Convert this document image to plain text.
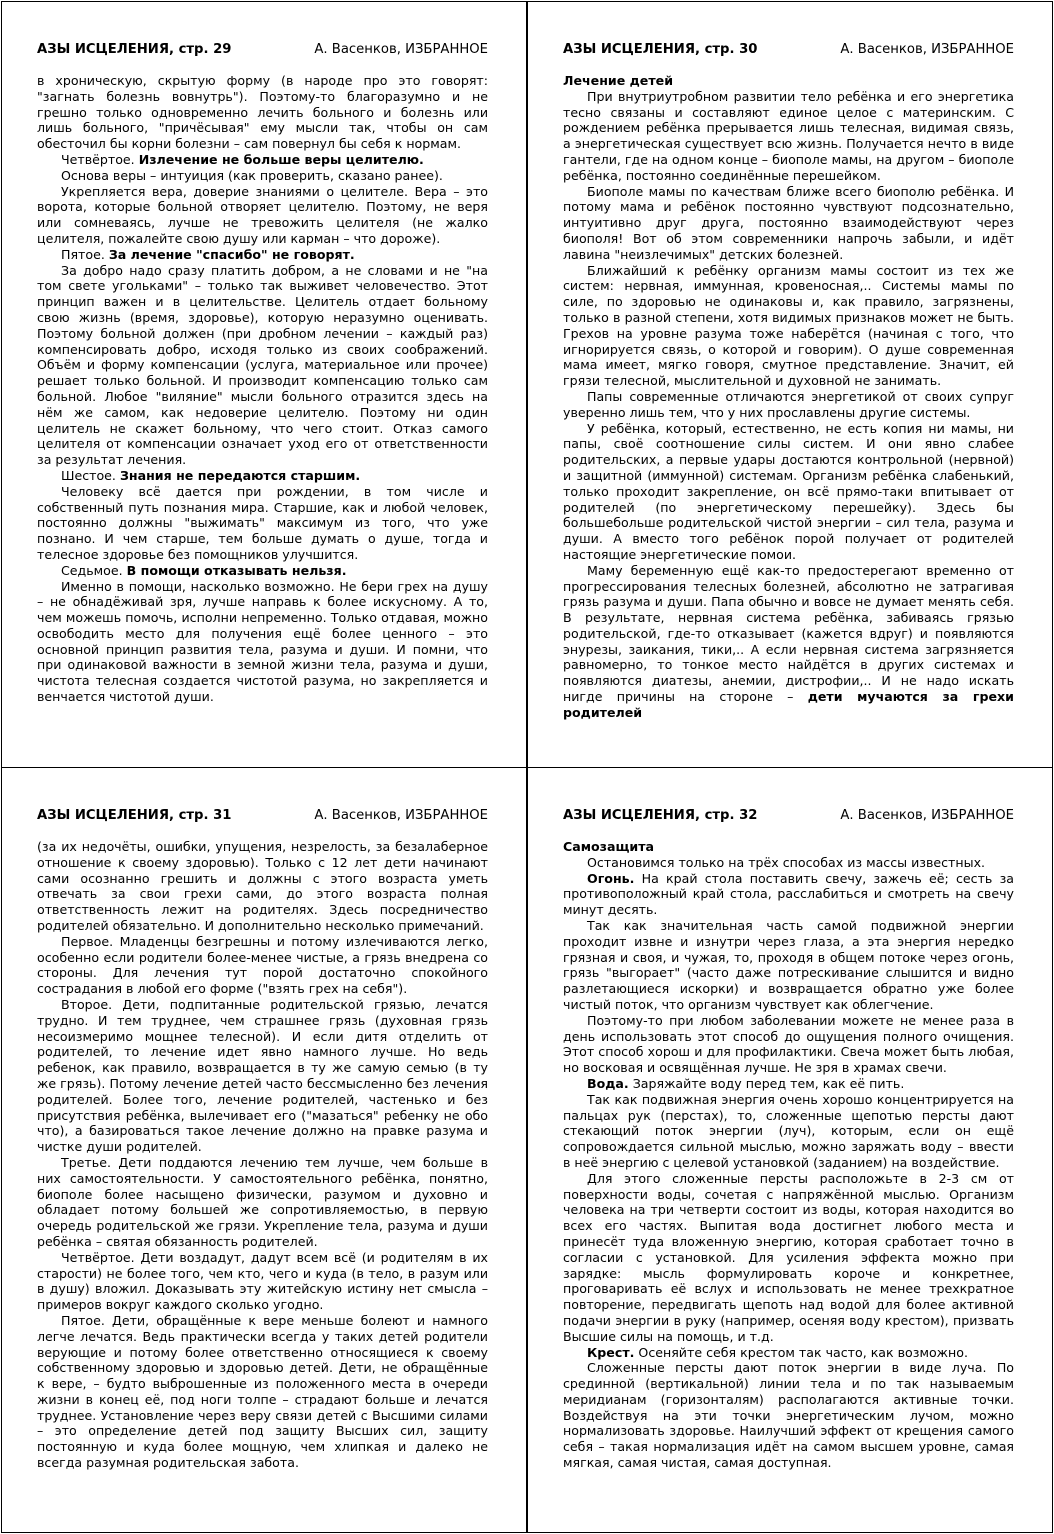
АЗЫ ИСЦЕЛЕНИЯ, стр. 29	А. Васенков, ИЗБРАННОЕ

в хроническую, скрытую форму (в народе про это говорят: "загнать болезнь вовнутрь"). Поэтому-то благоразумно и не грешно только одновременно лечить больного и болезнь или лишь больного, "причёсывая" ему мысли так, чтобы он сам обесточил бы корни болезни – сам повернул бы себя к нормам.

Четвёртое. Излечение не больше веры целителю.

Основа веры – интуиция (как проверить, сказано ранее).

Укрепляется вера, доверие знаниями о целителе. Вера – это ворота, которые больной отворяет целителю. Поэтому, не веря или сомневаясь, лучше не тревожить целителя (не жалко целителя, пожалейте свою душу или карман – что дороже).

Пятое. За лечение "спасибо" не говорят.

За добро надо сразу платить добром, а не словами и не "на том свете угольками" – только так выживет человечество. Этот принцип важен и в целительстве. Целитель отдает больному свою жизнь (время, здоровье), которую неразумно оценивать. Поэтому больной должен (при дробном лечении – каждый раз) компенсировать добро, исходя только из своих соображений. Объём и форму компенсации (услуга, материальное или прочее) решает только больной. И производит компенсацию только сам больной. Любое "виляние" мысли больного отразится здесь на нём же самом, как недоверие целителю. Поэтому ни один целитель не скажет больному, что чего стоит. Отказ самого целителя от компенсации означает уход его от ответственности за результат лечения.

Шестое. Знания не передаются старшим.

Человеку всё дается при рождении, в том числе и собственный путь познания мира. Старшие, как и любой человек, постоянно должны "выжимать" максимум из того, что уже познано. И чем старше, тем больше думать о душе, тогда и телесное здоровье без помощников улучшится.

Седьмое. В помощи отказывать нельзя.

Именно в помощи, насколько возможно. Не бери грех на душу – не обнадёживай зря, лучше направь к более искусному. А то, чем можешь помочь, исполни непременно. Только отдавая, можно освободить место для получения ещё более ценного – это основной принцип развития тела, разума и души. И помни, что при одинаковой важности в земной жизни тела, разума и души, чистота телесная создается чистотой разума, но закрепляется и венчается чистотой души.

АЗЫ ИСЦЕЛЕНИЯ, стр. 30	А. Васенков, ИЗБРАННОЕ

Лечение детей

При внутриутробном развитии тело ребёнка и его энергетика тесно связаны и составляют единое целое с материнским. С рождением ребёнка прерывается лишь телесная, видимая связь, а энергетическая существует всю жизнь. Получается нечто в виде гантели, где на одном конце – биополе мамы, на другом – биополе ребёнка, постоянно соединённые перешейком.

Биополе мамы по качествам ближе всего биополю ребёнка. И потому мама и ребёнок постоянно чувствуют подсознательно, интуитивно друг друга, постоянно взаимодействуют через биополя! Вот об этом современники напрочь забыли, и идёт лавина "неизлечимых" детских болезней.

Ближайший к ребёнку организм мамы состоит из тех же систем: нервная, иммунная, кровеносная,.. Системы мамы по силе, по здоровью не одинаковы и, как правило, загрязнены, только в разной степени, хотя видимых признаков может не быть. Грехов на уровне разума тоже наберётся (начиная с того, что игнорируется связь, о которой и говорим). О душе современная мама имеет, мягко говоря, смутное представление. Значит, ей грязи телесной, мыслительной и духовной не занимать.

Папы современные отличаются энергетикой от своих супруг уверенно лишь тем, что у них прославлены другие системы.

У ребёнка, который, естественно, не есть копия ни мамы, ни папы, своё соотношение силы систем. И они явно слабее родительских, а первые удары достаются контрольной (нервной) и защитной (иммунной) системам. Организм ребёнка слабенький, только проходит закрепление, он всё прямо-таки впитывает от родителей (по энергетическому перешейку). Здесь бы большебольше родительской чистой энергии – сил тела, разума и души. А вместо того ребёнок порой получает от родителей настоящие энергетические помои.

Маму беременную ещё как-то предостерегают временно от прогрессирования телесных болезней, абсолютно не затрагивая грязь разума и души. Папа обычно и вовсе не думает менять себя. В результате, нервная система ребёнка, забиваясь грязью родительской, где-то отказывает (кажется вдруг) и появляются энурезы, заикания, тики,.. А если нервная система загрязняется равномерно, то тонкое место найдётся в других системах и появляются диатезы, анемии, дистрофии,.. И не надо искать нигде причины на стороне – дети мучаются за грехи родителей

АЗЫ ИСЦЕЛЕНИЯ, стр. 31	А. Васенков, ИЗБРАННОЕ

(за их недочёты, ошибки, упущения, незрелость, за безалаберное отношение к своему здоровью). Только с 12 лет дети начинают сами осознанно грешить и должны с этого возраста уметь отвечать за свои грехи сами, до этого возраста полная ответственность лежит на родителях. Здесь посредничество родителей обязательно. И дополнительно несколько примечаний.

Первое. Младенцы безгрешны и потому излечиваются легко, особенно если родители более-менее чистые, а грязь внедрена со стороны. Для лечения тут порой достаточно спокойного сострадания в любой его форме ("взять грех на себя").

Второе. Дети, подпитанные родительской грязью, лечатся трудно. И тем труднее, чем страшнее грязь (духовная грязь несоизмеримо мощнее телесной). И если дитя отделить от родителей, то лечение идет явно намного лучше. Но ведь ребенок, как правило, возвращается в ту же самую семью (в ту же грязь). Потому лечение детей часто бессмысленно без лечения родителей. Более того, лечение родителей, частенько и без присутствия ребёнка, вылечивает его ("мазаться" ребенку не обо что), а базироваться такое лечение должно на правке разума и чистке души родителей.

Третье. Дети поддаются лечению тем лучше, чем больше в них самостоятельности. У самостоятельного ребёнка, понятно, биополе более насыщено физически, разумом и духовно и обладает потому большей же сопротивляемостью, в первую очередь родительской же грязи. Укрепление тела, разума и души ребёнка – святая обязанность родителей.

Четвёртое. Дети воздадут, дадут всем всё (и родителям в их старости) не более того, чем кто, чего и куда (в тело, в разум или в душу) вложил. Доказывать эту житейскую истину нет смысла – примеров вокруг каждого сколько угодно.

Пятое. Дети, обращённые к вере меньше болеют и намного легче лечатся. Ведь практически всегда у таких детей родители верующие и потому более ответственно относящиеся к своему собственному здоровью и здоровью детей. Дети, не обращённые к вере, – будто выброшенные из положенного места в очереди жизни в конец её, под ноги толпе – страдают больше и лечатся труднее. Установление через веру связи детей с Высшими силами – это определение детей под защиту Высших сил, защиту постоянную и куда более мощную, чем хлипкая и далеко не всегда разумная родительская забота.

АЗЫ ИСЦЕЛЕНИЯ, стр. 32	А. Васенков, ИЗБРАННОЕ

Самозащита

Остановимся только на трёх способах из массы известных.

Огонь. На край стола поставить свечу, зажечь её; сесть за противоположный край стола, расслабиться и смотреть на свечу минут десять.

Так как значительная часть самой подвижной энергии проходит извне и изнутри через глаза, а эта энергия нередко грязная и своя, и чужая, то, проходя в общем потоке через огонь, грязь "выгорает" (часто даже потрескивание слышится и видно разлетающиеся искорки) и возвращается обратно уже более чистый поток, что организм чувствует как облегчение.

Поэтому-то при любом заболевании можете не менее раза в день использовать этот способ до ощущения полного очищения. Этот способ хорош и для профилактики. Свеча может быть любая, но восковая и освящённая лучше. Не зря в храмах свечи.

Вода. Заряжайте воду перед тем, как её пить.

Так как подвижная энергия очень хорошо концентрируется на пальцах рук (перстах), то, сложенные щепотью персты дают стекающий поток энергии (луч), которым, если он ещё сопровождается сильной мыслью, можно заряжать воду – ввести в неё энергию с целевой установкой (заданием) на воздействие.

Для этого сложенные персты расположьте в 2-3 см от поверхности воды, сочетая с напряжённой мыслью. Организм человека на три четверти состоит из воды, которая находится во всех его частях. Выпитая вода достигнет любого места и принесёт туда вложенную энергию, которая сработает точно в согласии с установкой. Для усиления эффекта можно при зарядке: мысль формулировать короче и конкретнее, проговаривать её вслух и использовать не менее трехкратное повторение, передвигать щепоть над водой для более активной подачи энергии в руку (например, осеняя воду крестом), призвать Высшие силы на помощь, и т.д.

Крест. Осеняйте себя крестом так часто, как возможно.

Сложенные персты дают поток энергии в виде луча. По срединной (вертикальной) линии тела и по так называемым меридианам (горизонталям) располагаются активные точки. Воздействуя на эти точки энергетическим лучом, можно нормализовать здоровье. Наилучший эффект от крещения самого себя – такая нормализация идёт на самом высшем уровне, самая мягкая, самая чистая, самая доступная.
